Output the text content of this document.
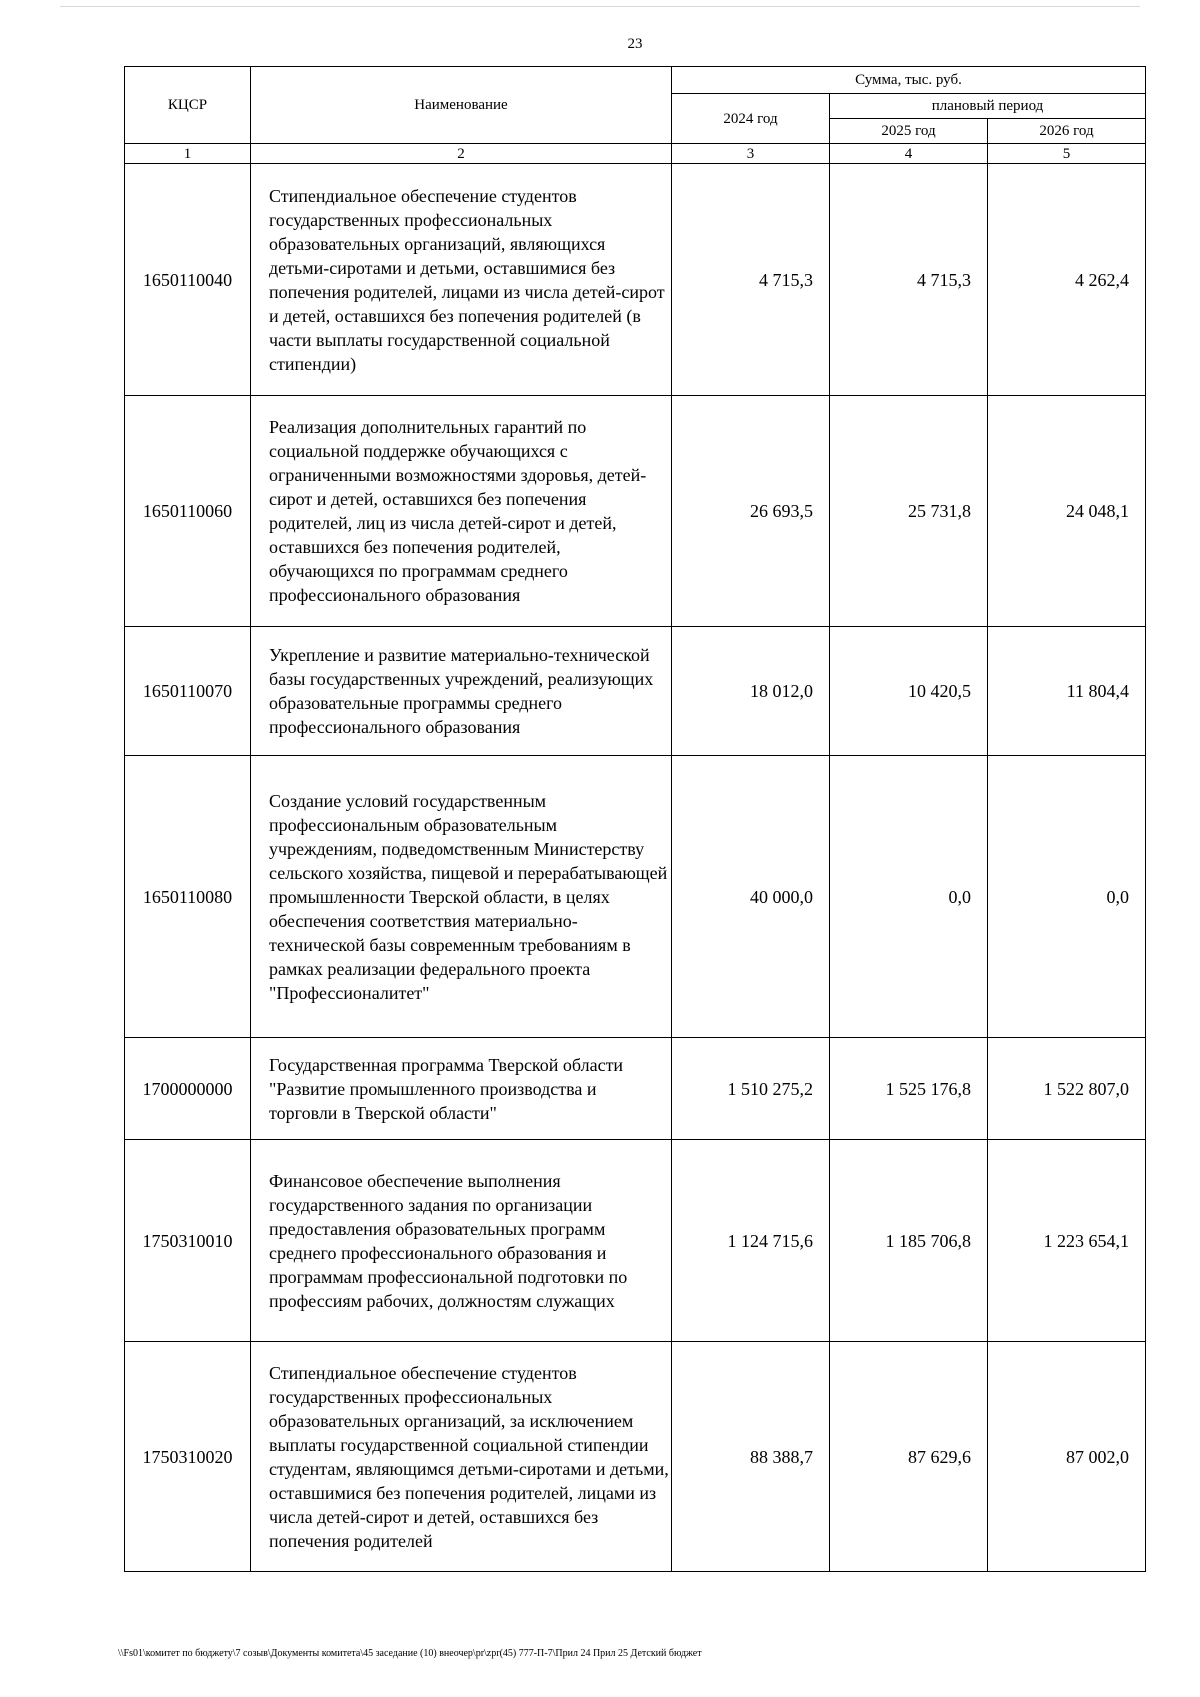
23
КЦСР	Наименование	Сумма, тыс. руб.		
		2024 год	плановый период	
			2025 год	2026 год
1	2	3	4	5
1650110040	Стипендиальное обеспечение студентов государственных профессиональных образовательных организаций, являющихся детьми-сиротами и детьми, оставшимися без попечения родителей, лицами из числа детей-сирот и детей, оставшихся без попечения родителей (в части выплаты государственной социальной стипендии)	4 715,3	4 715,3	4 262,4
1650110060	Реализация дополнительных гарантий по социальной поддержке обучающихся с ограниченными возможностями здоровья, детей-сирот и детей, оставшихся без попечения родителей, лиц из числа детей-сирот и детей, оставшихся без попечения родителей, обучающихся по программам среднего профессионального образования	26 693,5	25 731,8	24 048,1
1650110070	Укрепление и развитие материально-технической базы государственных учреждений, реализующих образовательные программы среднего профессионального образования	18 012,0	10 420,5	11 804,4
1650110080	Создание условий государственным профессиональным образовательным учреждениям, подведомственным Министерству сельского хозяйства, пищевой и перерабатывающей промышленности Тверской области, в целях обеспечения соответствия материально-технической базы современным требованиям в рамках реализации федерального проекта "Профессионалитет"	40 000,0	0,0	0,0
1700000000	Государственная программа Тверской области "Развитие промышленного производства и торговли в Тверской области"	1 510 275,2	1 525 176,8	1 522 807,0
1750310010	Финансовое обеспечение выполнения государственного задания по организации предоставления образовательных программ среднего профессионального образования и программам профессиональной подготовки по профессиям рабочих, должностям служащих	1 124 715,6	1 185 706,8	1 223 654,1
1750310020	Стипендиальное обеспечение студентов государственных профессиональных образовательных организаций, за исключением выплаты государственной социальной стипендии студентам, являющимся детьми-сиротами и детьми, оставшимися без попечения родителей, лицами из числа детей-сирот и детей, оставшихся без попечения родителей	88 388,7	87 629,6	87 002,0
\\Fs01\комитет по бюджету\7 созыв\Документы комитета\45 заседание (10) внеочер\pr\zpr(45) 777-П-7\Прил 24 Прил 25 Детский бюджет
